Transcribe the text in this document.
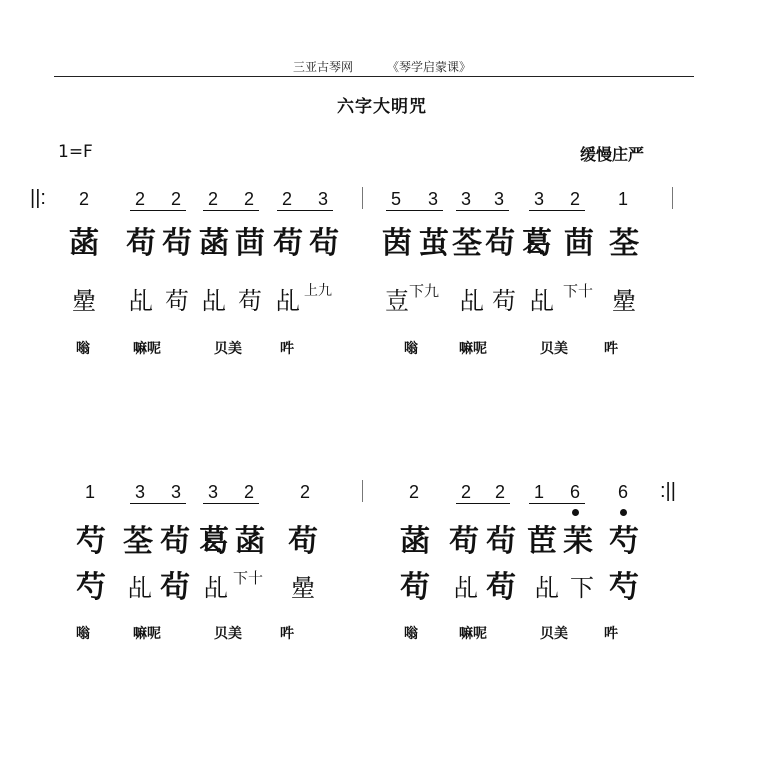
三亚古琴网	《琴学启蒙课》
六字大明咒
1=F	缓慢庄严
||: 2	2 2 2 2 2 3	5 3 3 3 3 2 1
菡 苟 茍 菡 茴 苟 茍 茵 茧 荃 茍 葛 茴 荃
曐	乩 苟 乩 苟 乩 上九	壴 下九 乩 苟 乩 下十 曐
嗡	嘛呢	贝美	吽	嗡	嘛呢	贝美	吽
1 3 3 3 2	2	2 2 2 1 6 6 :||
芍 荃 茍 葛 菡 苟	菡 苟 茍 茞 苿 芍
芍 乩 茍 乩 下十	曐	苟	乩 苟 乩 下 芍
嗡	嘛呢	贝美	吽	嗡	嘛呢	贝美	吽
